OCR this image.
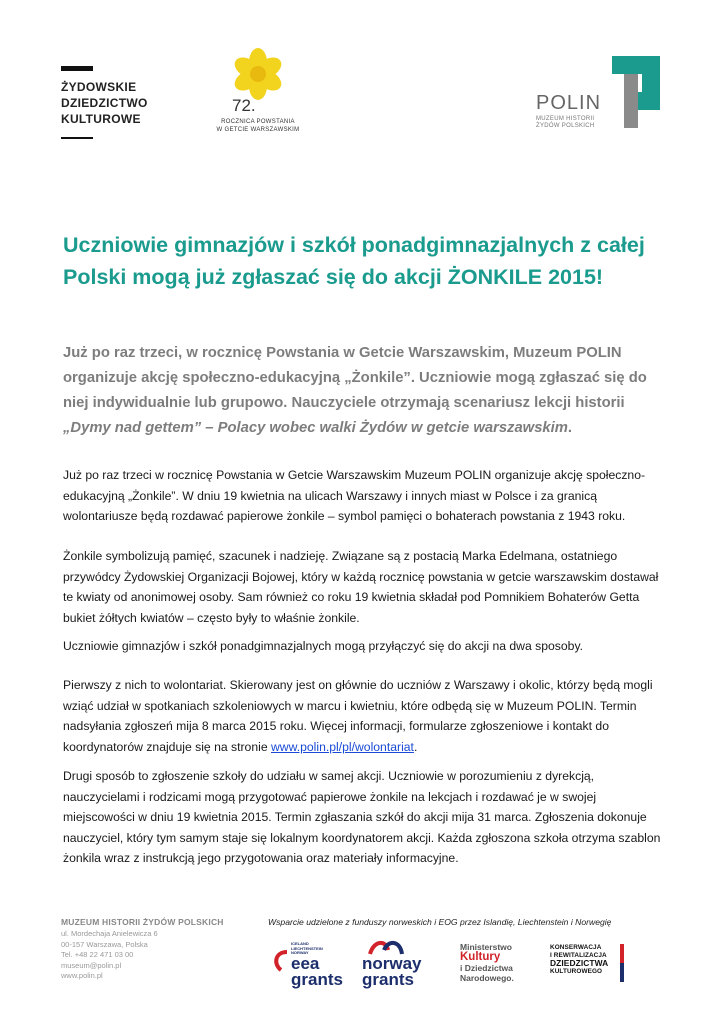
ŻYDOWSKIE
DZIEDZICTWO
KULTUROWE
72.
ROCZNICA POWSTANIA
W GETCIE WARSZAWSKIM
POLIN
MUZEUM HISTORII
ŻYDÓW POLSKICH
Uczniowie gimnazjów i szkół ponadgimnazjalnych z całej Polski mogą już zgłaszać się do akcji ŻONKILE 2015!

Już po raz trzeci, w rocznicę Powstania w Getcie Warszawskim, Muzeum POLIN organizuje akcję społeczno-edukacyjną „Żonkile”. Uczniowie mogą zgłaszać się do niej indywidualnie lub grupowo. Nauczyciele otrzymają scenariusz lekcji historii „Dymy nad gettem” – Polacy wobec walki Żydów w getcie warszawskim.

Już po raz trzeci w rocznicę Powstania w Getcie Warszawskim Muzeum POLIN organizuje akcję społeczno-edukacyjną „Żonkile”. W dniu 19 kwietnia na ulicach Warszawy i innych miast w Polsce i za granicą wolontariusze będą rozdawać papierowe żonkile – symbol pamięci o bohaterach powstania z 1943 roku.

Żonkile symbolizują pamięć, szacunek i nadzieję. Związane są z postacią Marka Edelmana, ostatniego przywódcy Żydowskiej Organizacji Bojowej, który w każdą rocznicę powstania w getcie warszawskim dostawał te kwiaty od anonimowej osoby. Sam również co roku 19 kwietnia składał pod Pomnikiem Bohaterów Getta bukiet żółtych kwiatów – często były to właśnie żonkile.

Uczniowie gimnazjów i szkół ponadgimnazjalnych mogą przyłączyć się do akcji na dwa sposoby.

Pierwszy z nich to wolontariat. Skierowany jest on głównie do uczniów z Warszawy i okolic, którzy będą mogli wziąć udział w spotkaniach szkoleniowych w marcu i kwietniu, które odbędą się w Muzeum POLIN. Termin nadsyłania zgłoszeń mija 8 marca 2015 roku. Więcej informacji, formularze zgłoszeniowe i kontakt do koordynatorów znajduje się na stronie www.polin.pl/pl/wolontariat.

Drugi sposób to zgłoszenie szkoły do udziału w samej akcji. Uczniowie w porozumieniu z dyrekcją, nauczycielami i rodzicami mogą przygotować papierowe żonkile na lekcjach i rozdawać je w swojej miejscowości w dniu 19 kwietnia 2015. Termin zgłaszania szkół do akcji mija 31 marca. Zgłoszenia dokonuje nauczyciel, który tym samym staje się lokalnym koordynatorem akcji. Każda zgłoszona szkoła otrzyma szablon żonkila wraz z instrukcją jego przygotowania oraz materiały informacyjne.

MUZEUM HISTORII ŻYDÓW POLSKICH
ul. Mordechaja Anielewicza 6
00-157 Warszawa, Polska
Tel. +48 22 471 03 00
museum@polin.pl
www.polin.pl
Wsparcie udzielone z funduszy norweskich i EOG przez Islandię, Liechtenstein i Norwegię
ICELAND
LIECHTENSTEIN
NORWAY
eea
grants
norway
grants
Ministerstwo
Kultury
i Dziedzictwa
Narodowego.
KONSERWACJA
I REWITALIZACJA
DZIEDZICTWA
KULTUROWEGO
